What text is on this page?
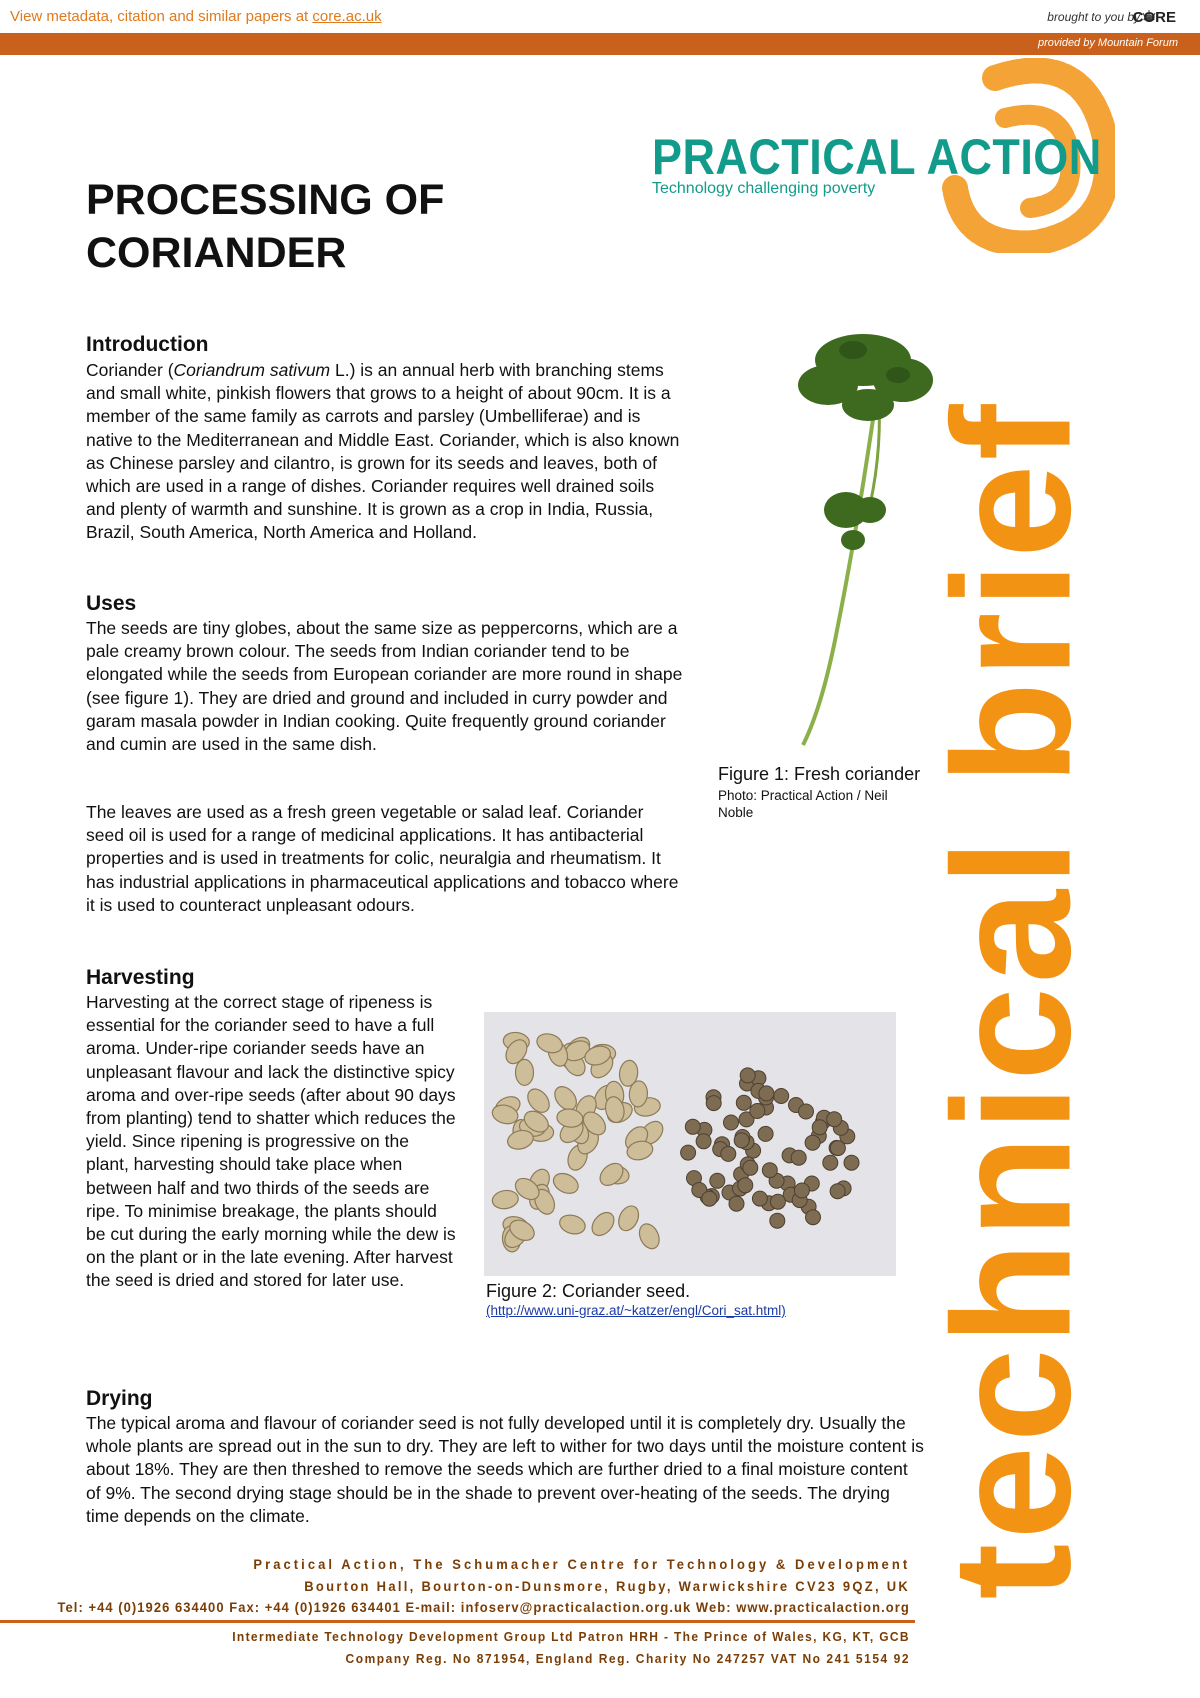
View metadata, citation and similar papers at core.ac.uk	brought to you by
CORE
provided by Mountain Forum
PRACTICAL ACTION
Technology challenging poverty
technical brief
PROCESSING OF CORIANDER
Introduction
Coriander (Coriandrum sativum L.) is an annual herb with branching stems and small white, pinkish flowers that grows to a height of about 90cm. It is a member of the same family as carrots and parsley (Umbelliferae) and is native to the Mediterranean and Middle East. Coriander, which is also known as Chinese parsley and cilantro, is grown for its seeds and leaves, both of which are used in a range of dishes. Coriander requires well drained soils and plenty of warmth and sunshine. It is grown as a crop in India, Russia, Brazil, South America, North America and Holland.
Uses
The seeds are tiny globes, about the same size as peppercorns, which are a pale creamy brown colour. The seeds from Indian coriander tend to be elongated while the seeds from European coriander are more round in shape (see figure 1). They are dried and ground and included in curry powder and garam masala powder in Indian cooking. Quite frequently ground coriander and cumin are used in the same dish.
The leaves are used as a fresh green vegetable or salad leaf. Coriander seed oil is used for a range of medicinal applications. It has antibacterial properties and is used in treatments for colic, neuralgia and rheumatism. It has industrial applications in pharmaceutical applications and tobacco where it is used to counteract unpleasant odours.
Figure 1: Fresh coriander
Photo: Practical Action / Neil Noble
Harvesting
Harvesting at the correct stage of ripeness is essential for the coriander seed to have a full aroma. Under-ripe coriander seeds have an unpleasant flavour and lack the distinctive spicy aroma and over-ripe seeds (after about 90 days from planting) tend to shatter which reduces the yield. Since ripening is progressive on the plant, harvesting should take place when between half and two thirds of the seeds are ripe. To minimise breakage, the plants should be cut during the early morning while the dew is on the plant or in the late evening. After harvest the seed is dried and stored for later use.
Figure 2: Coriander seed.
(http://www.uni-graz.at/~katzer/engl/Cori_sat.html)
Drying
The typical aroma and flavour of coriander seed is not fully developed until it is completely dry. Usually the whole plants are spread out in the sun to dry. They are left to wither for two days until the moisture content is about 18%. They are then threshed to remove the seeds which are further dried to a final moisture content of 9%. The second drying stage should be in the shade to prevent over-heating of the seeds. The drying time depends on the climate.
Practical Action, The Schumacher Centre for Technology & Development
Bourton Hall, Bourton-on-Dunsmore, Rugby, Warwickshire CV23 9QZ, UK
Tel: +44 (0)1926 634400 Fax: +44 (0)1926 634401 E-mail: infoserv@practicalaction.org.uk Web: www.practicalaction.org
Intermediate Technology Development Group Ltd Patron HRH - The Prince of Wales, KG, KT, GCB
Company Reg. No 871954, England Reg. Charity No 247257 VAT No 241 5154 92
